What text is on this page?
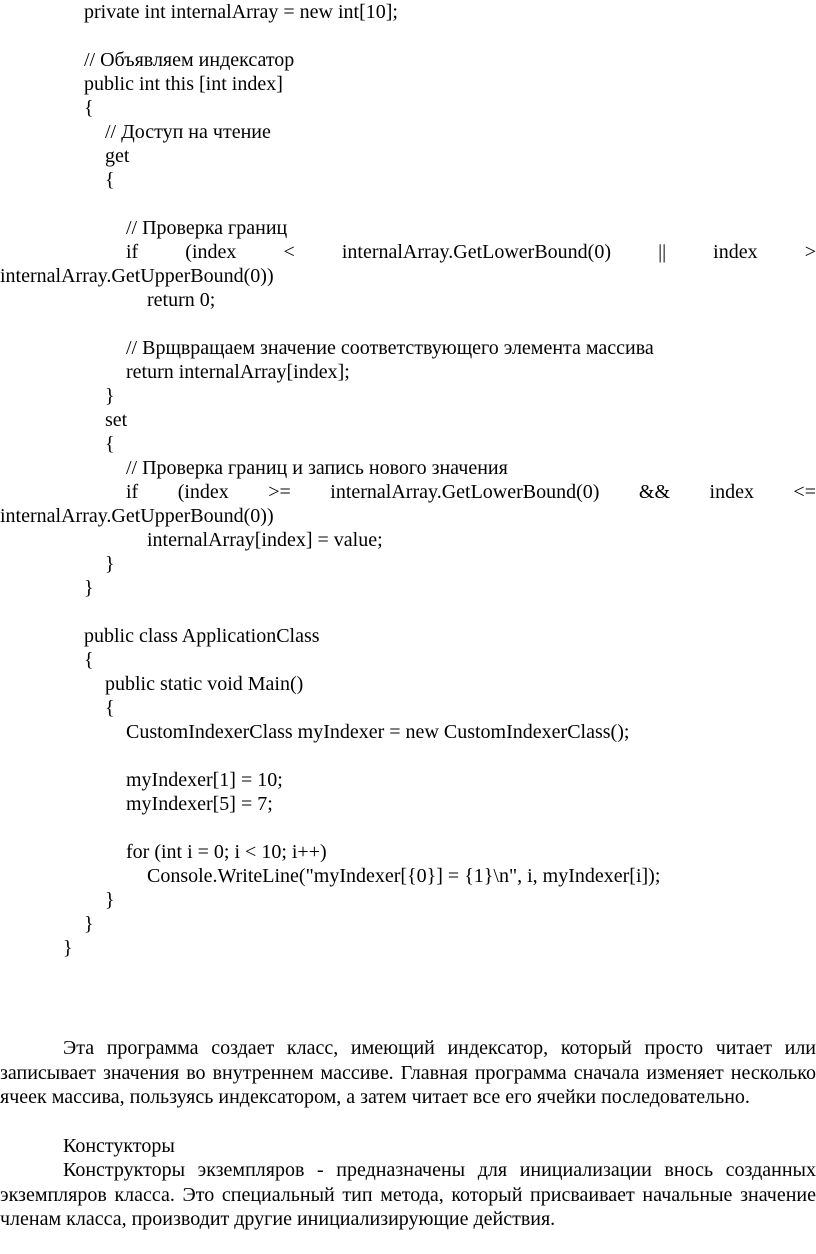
private int internalArray = new int[10];
// Объявляем индексатор
public int this [int index]
{
// Доступ на чтение
get
{
// Проверка границ
if (index < internalArray.GetLowerBound(0) || index >
internalArray.GetUpperBound(0))
return 0;
// Врщвращаем значение соответствующего элемента массива
return internalArray[index];
}
set
{
// Проверка границ и запись нового значения
if (index >= internalArray.GetLowerBound(0) && index <=
internalArray.GetUpperBound(0))
internalArray[index] = value;
}
}
public class ApplicationClass
{
public static void Main()
{
CustomIndexerClass myIndexer = new CustomIndexerClass();
myIndexer[1] = 10;
myIndexer[5] = 7;
for (int i = 0; i < 10; i++)
Console.WriteLine("myIndexer[{0}] = {1}\n", i, myIndexer[i]);
}
}
}
Эта программа создает класс, имеющий индексатор, который просто читает или записывает значения во внутреннем массиве. Главная программа сначала изменяет несколько ячеек массива, пользуясь индексатором, а затем читает все его ячейки последовательно.
Констукторы
Конструкторы экземпляров - предназначены для инициализации внось созданных экземпляров класса. Это специальный тип метода, который присваивает начальные значение членам класса, производит другие инициализирующие действия.
